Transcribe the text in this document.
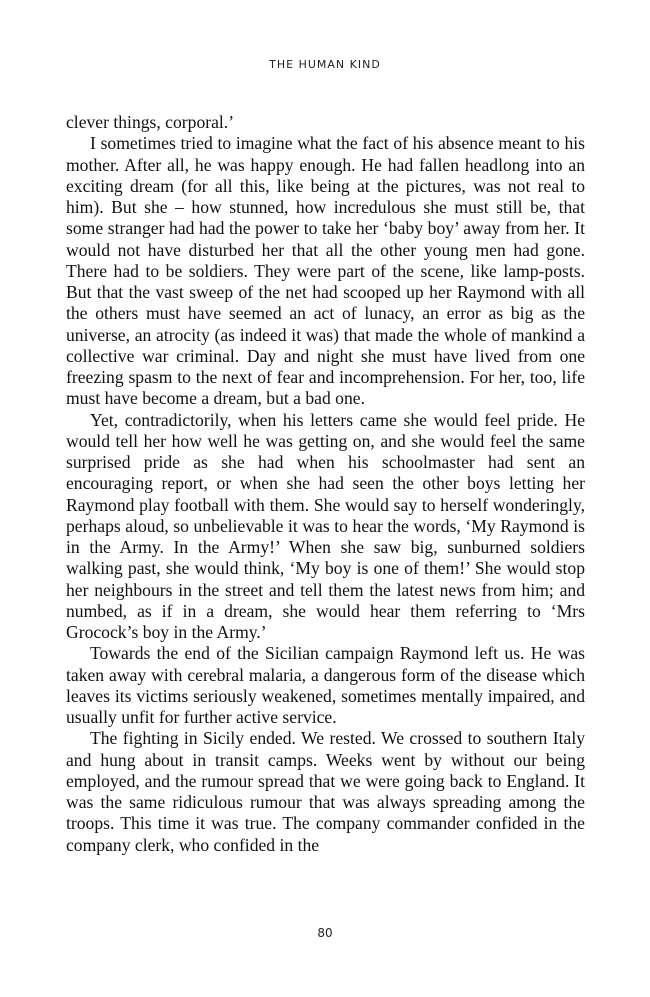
THE HUMAN KIND

clever things, corporal.’

I sometimes tried to imagine what the fact of his absence meant to his mother. After all, he was happy enough. He had fallen headlong into an exciting dream (for all this, like being at the pictures, was not real to him). But she – how stunned, how incredulous she must still be, that some stranger had had the power to take her ‘baby boy’ away from her. It would not have disturbed her that all the other young men had gone. There had to be soldiers. They were part of the scene, like lamp-posts. But that the vast sweep of the net had scooped up her Raymond with all the others must have seemed an act of lunacy, an error as big as the universe, an atrocity (as indeed it was) that made the whole of mankind a collective war criminal. Day and night she must have lived from one freezing spasm to the next of fear and incomprehension. For her, too, life must have become a dream, but a bad one.

Yet, contradictorily, when his letters came she would feel pride. He would tell her how well he was getting on, and she would feel the same surprised pride as she had when his schoolmaster had sent an encouraging report, or when she had seen the other boys letting her Raymond play football with them. She would say to herself wonderingly, perhaps aloud, so unbelievable it was to hear the words, ‘My Raymond is in the Army. In the Army!’ When she saw big, sunburned soldiers walking past, she would think, ‘My boy is one of them!’ She would stop her neighbours in the street and tell them the latest news from him; and numbed, as if in a dream, she would hear them referring to ‘Mrs Grocock’s boy in the Army.’

Towards the end of the Sicilian campaign Raymond left us. He was taken away with cerebral malaria, a dangerous form of the disease which leaves its victims seriously weakened, sometimes mentally impaired, and usually unfit for further active service.

The fighting in Sicily ended. We rested. We crossed to southern Italy and hung about in transit camps. Weeks went by without our being employed, and the rumour spread that we were going back to England. It was the same ridiculous rumour that was always spreading among the troops. This time it was true. The company commander confided in the company clerk, who confided in the

80
